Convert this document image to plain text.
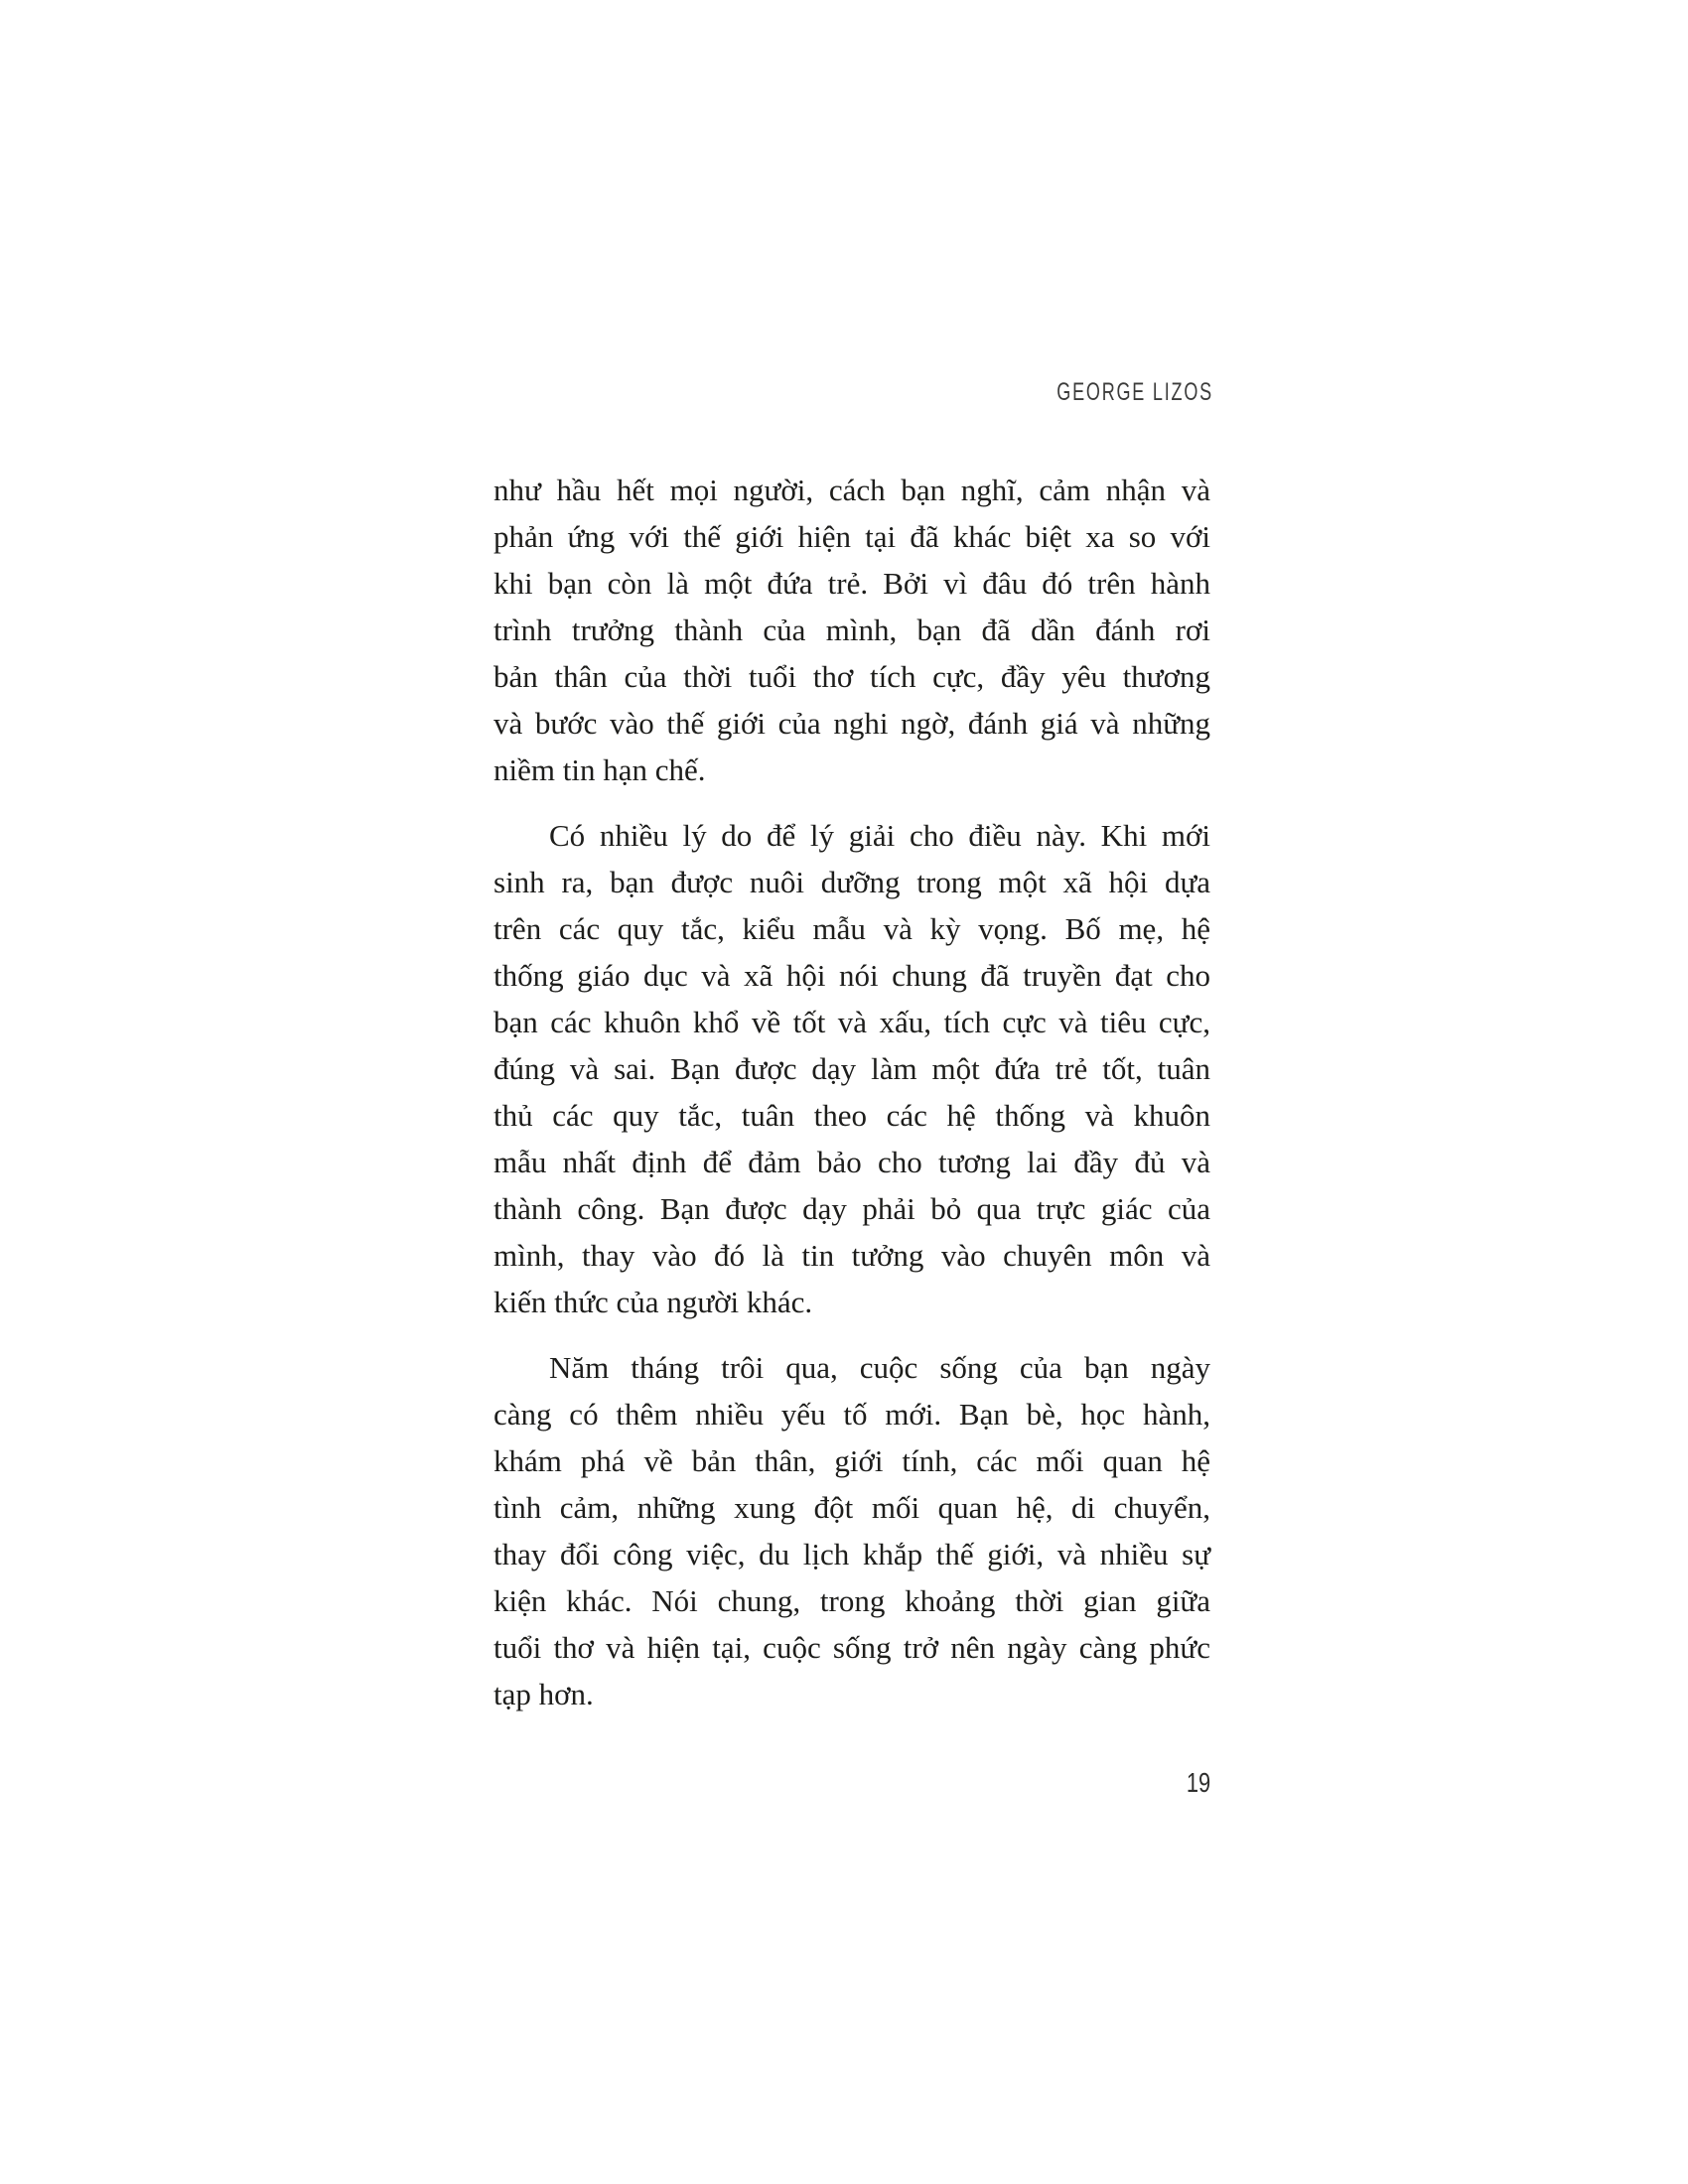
GEORGE LIZOS
như hầu hết mọi người, cách bạn nghĩ, cảm nhận và
phản ứng với thế giới hiện tại đã khác biệt xa so với
khi bạn còn là một đứa trẻ. Bởi vì đâu đó trên hành
trình trưởng thành của mình, bạn đã dần đánh rơi
bản thân của thời tuổi thơ tích cực, đầy yêu thương
và bước vào thế giới của nghi ngờ, đánh giá và những
niềm tin hạn chế.
Có nhiều lý do để lý giải cho điều này. Khi mới
sinh ra, bạn được nuôi dưỡng trong một xã hội dựa
trên các quy tắc, kiểu mẫu và kỳ vọng. Bố mẹ, hệ
thống giáo dục và xã hội nói chung đã truyền đạt cho
bạn các khuôn khổ về tốt và xấu, tích cực và tiêu cực,
đúng và sai. Bạn được dạy làm một đứa trẻ tốt, tuân
thủ các quy tắc, tuân theo các hệ thống và khuôn
mẫu nhất định để đảm bảo cho tương lai đầy đủ và
thành công. Bạn được dạy phải bỏ qua trực giác của
mình, thay vào đó là tin tưởng vào chuyên môn và
kiến thức của người khác.
Năm tháng trôi qua, cuộc sống của bạn ngày
càng có thêm nhiều yếu tố mới. Bạn bè, học hành,
khám phá về bản thân, giới tính, các mối quan hệ
tình cảm, những xung đột mối quan hệ, di chuyển,
thay đổi công việc, du lịch khắp thế giới, và nhiều sự
kiện khác. Nói chung, trong khoảng thời gian giữa
tuổi thơ và hiện tại, cuộc sống trở nên ngày càng phức
tạp hơn.
19
